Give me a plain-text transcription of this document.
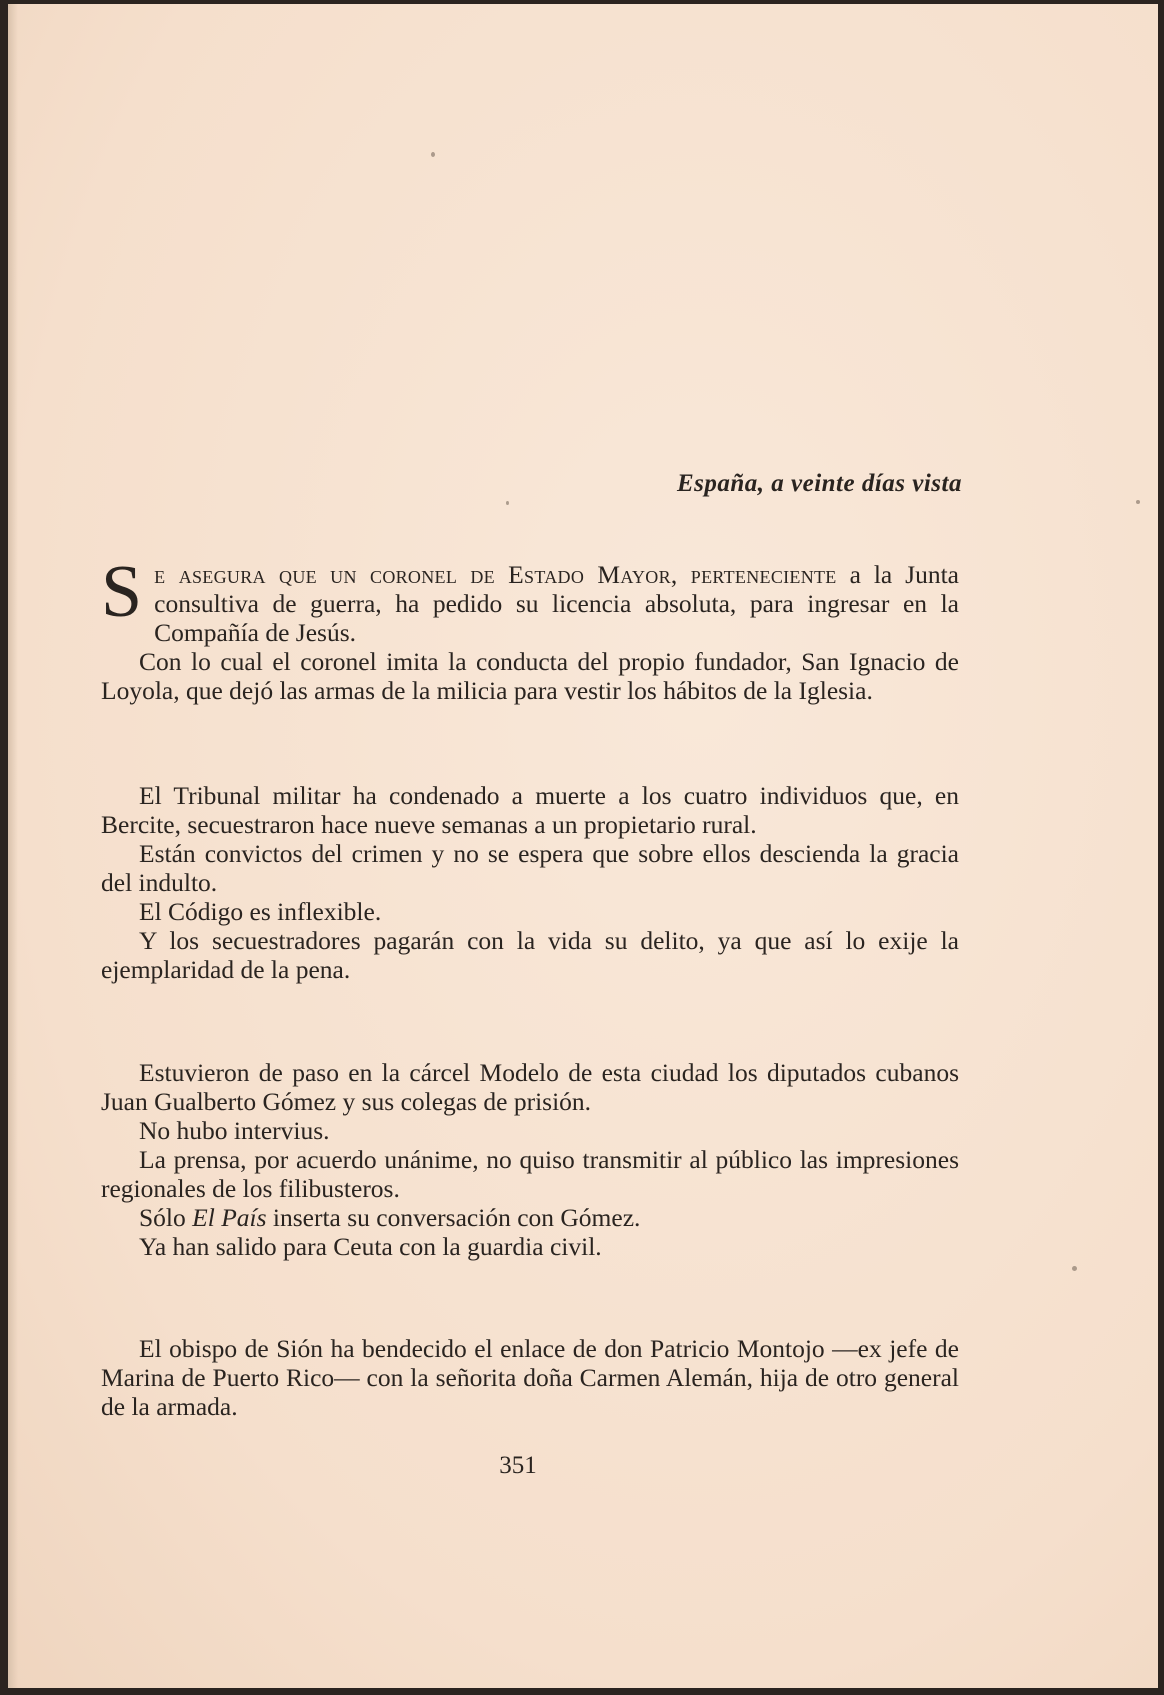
España, a veinte días vista

Se asegura que un coronel de Estado Mayor, perteneciente a la Junta consultiva de guerra, ha pedido su licencia absoluta, para ingresar en la Compañía de Jesús.

Con lo cual el coronel imita la conducta del propio fundador, San Ignacio de Loyola, que dejó las armas de la milicia para vestir los hábitos de la Iglesia.

El Tribunal militar ha condenado a muerte a los cuatro individuos que, en Bercite, secuestraron hace nueve semanas a un propietario rural.

Están convictos del crimen y no se espera que sobre ellos descienda la gracia del indulto.

El Código es inflexible.

Y los secuestradores pagarán con la vida su delito, ya que así lo exije la ejemplaridad de la pena.

Estuvieron de paso en la cárcel Modelo de esta ciudad los diputados cubanos Juan Gualberto Gómez y sus colegas de prisión.

No hubo intervius.

La prensa, por acuerdo unánime, no quiso transmitir al público las impresiones regionales de los filibusteros.

Sólo El País inserta su conversación con Gómez.

Ya han salido para Ceuta con la guardia civil.

El obispo de Sión ha bendecido el enlace de don Patricio Montojo —ex jefe de Marina de Puerto Rico— con la señorita doña Carmen Alemán, hija de otro general de la armada.

351
